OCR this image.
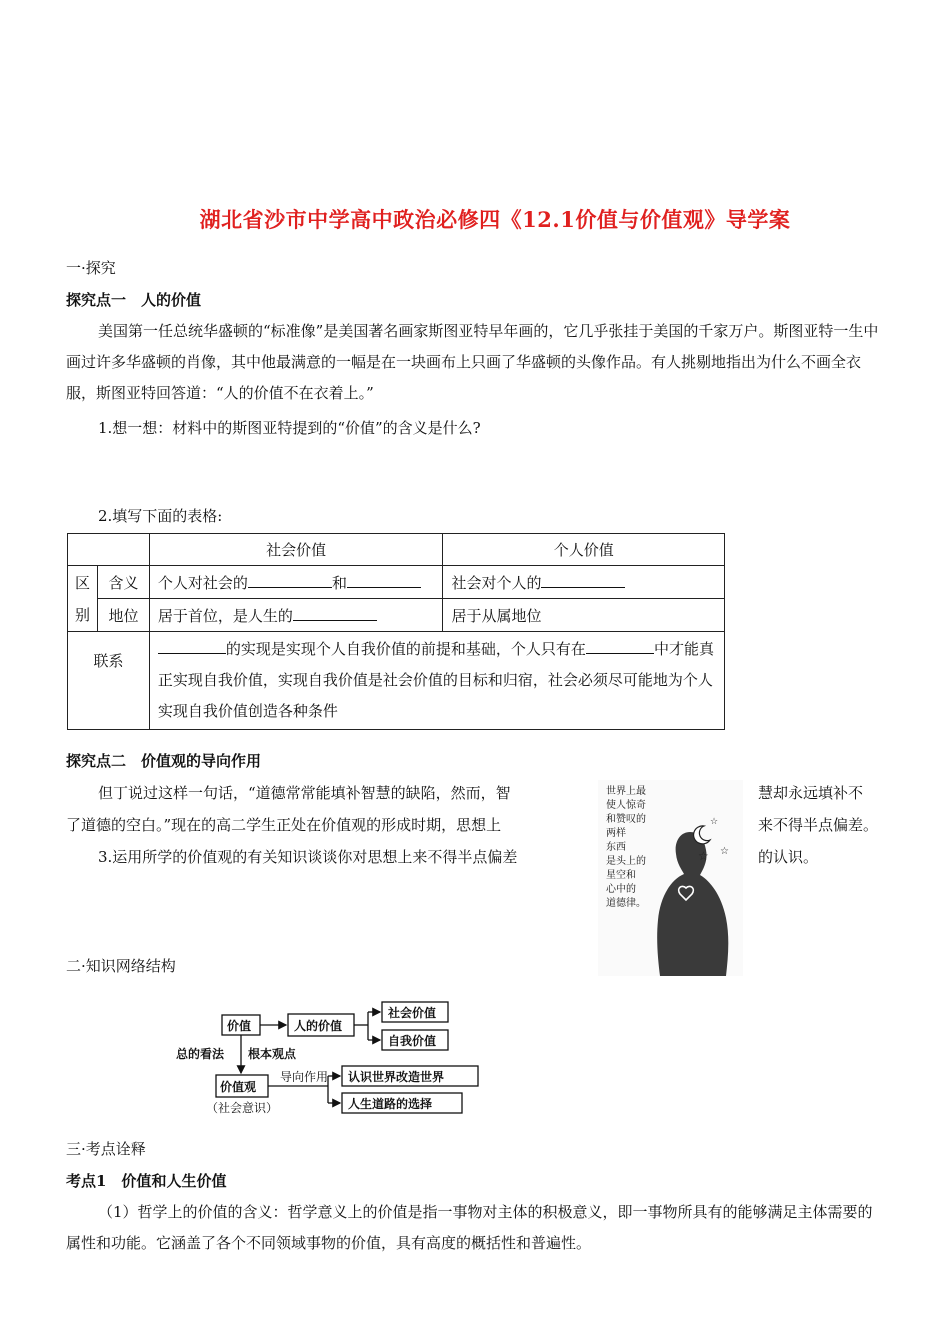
湖北省沙市中学高中政治必修四《12.1价值与价值观》导学案
一·探究
探究点一　人的价值
美国第一任总统华盛顿的“标准像”是美国著名画家斯图亚特早年画的，它几乎张挂于美国的千家万户。斯图亚特一生中画过许多华盛顿的肖像，其中他最满意的一幅是在一块画布上只画了华盛顿的头像作品。有人挑剔地指出为什么不画全衣服，斯图亚特回答道：“人的价值不在衣着上。”
1.想一想：材料中的斯图亚特提到的“价值”的含义是什么?
2.填写下面的表格:
		社会价值	个人价值
区别	含义	个人对社会的 和	社会对个人的
	地位	居于首位，是人生的	居于从属地位
联系		的实现是实现个人自我价值的前提和基础，个人只有在 中才能真正实现自我价值，实现自我价值是社会价值的目标和归宿，社会必须尽可能地为个人实现自我价值创造各种条件	
探究点二　价值观的导向作用
但丁说过这样一句话，“道德常常能填补智慧的缺陷，然而，智	慧却永远填补不
了道德的空白。”现在的高二学生正处在价值观的形成时期，思想上	来不得半点偏差。
3.运用所学的价值观的有关知识谈谈你对思想上来不得半点偏差	的认识。
☆ ☆
☆
世界上最
使人惊奇
和赞叹的
两样
东西
是头上的
星空和
心中的
道德律。
二·知识网络结构
价值	人的价值
社会价值
自我价值
总的看法 根本观点
价值观
（社会意识）
导向作用 认识世界改造世界
人生道路的选择
三·考点诠释
考点1　价值和人生价值
（1）哲学上的价值的含义：哲学意义上的价值是指一事物对主体的积极意义，即一事物所具有的能够满足主体需要的属性和功能。它涵盖了各个不同领域事物的价值，具有高度的概括性和普遍性。
